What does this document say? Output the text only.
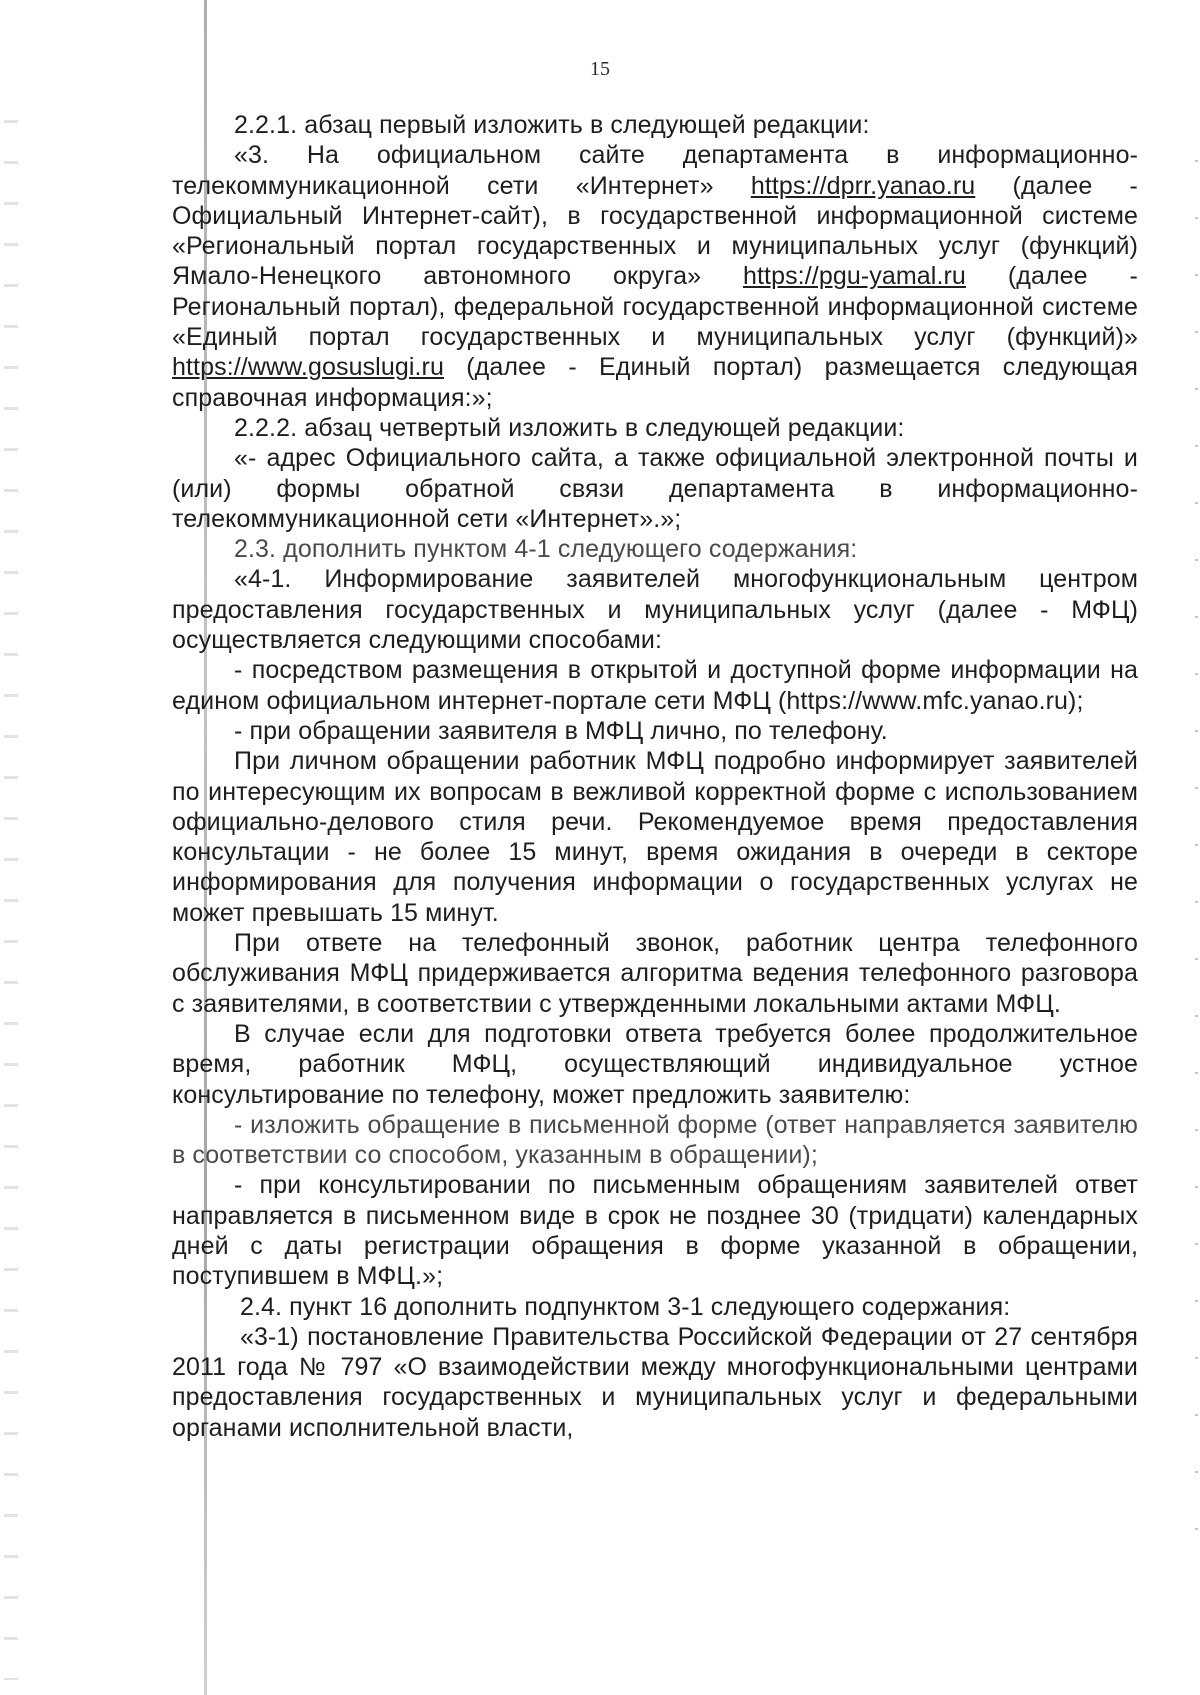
15

2.2.1. абзац первый изложить в следующей редакции:

«3. На официальном сайте департамента в информационно-телекоммуникационной сети «Интернет» https://dprr.yanao.ru (далее - Официальный Интернет-сайт), в государственной информационной системе «Региональный портал государственных и муниципальных услуг (функций) Ямало-Ненецкого автономного округа» https://pgu-yamal.ru (далее - Региональный портал), федеральной государственной информационной системе «Единый портал государственных и муниципальных услуг (функций)» https://www.gosuslugi.ru (далее - Единый портал) размещается следующая справочная информация:»;

2.2.2. абзац четвертый изложить в следующей редакции:

«- адрес Официального сайта, а также официальной электронной почты и (или) формы обратной связи департамента в информационно-телекоммуникационной сети «Интернет».»;

2.3. дополнить пунктом 4-1 следующего содержания:

«4-1. Информирование заявителей многофункциональным центром предоставления государственных и муниципальных услуг (далее - МФЦ) осуществляется следующими способами:

- посредством размещения в открытой и доступной форме информации на едином официальном интернет-портале сети МФЦ (https://www.mfc.yanao.ru);

- при обращении заявителя в МФЦ лично, по телефону.

При личном обращении работник МФЦ подробно информирует заявителей по интересующим их вопросам в вежливой корректной форме с использованием официально-делового стиля речи. Рекомендуемое время предоставления консультации - не более 15 минут, время ожидания в очереди в секторе информирования для получения информации о государственных услугах не может превышать 15 минут.

При ответе на телефонный звонок, работник центра телефонного обслуживания МФЦ придерживается алгоритма ведения телефонного разговора с заявителями, в соответствии с утвержденными локальными актами МФЦ.

В случае если для подготовки ответа требуется более продолжительное время, работник МФЦ, осуществляющий индивидуальное устное консультирование по телефону, может предложить заявителю:

- изложить обращение в письменной форме (ответ направляется заявителю в соответствии со способом, указанным в обращении);

- при консультировании по письменным обращениям заявителей ответ направляется в письменном виде в срок не позднее 30 (тридцати) календарных дней с даты регистрации обращения в форме указанной в обращении, поступившем в МФЦ.»;

2.4. пункт 16 дополнить подпунктом 3-1 следующего содержания:

«3-1) постановление Правительства Российской Федерации от 27 сентября 2011 года № 797 «О взаимодействии между многофункциональными центрами предоставления государственных и муниципальных услуг и федеральными органами исполнительной власти,
